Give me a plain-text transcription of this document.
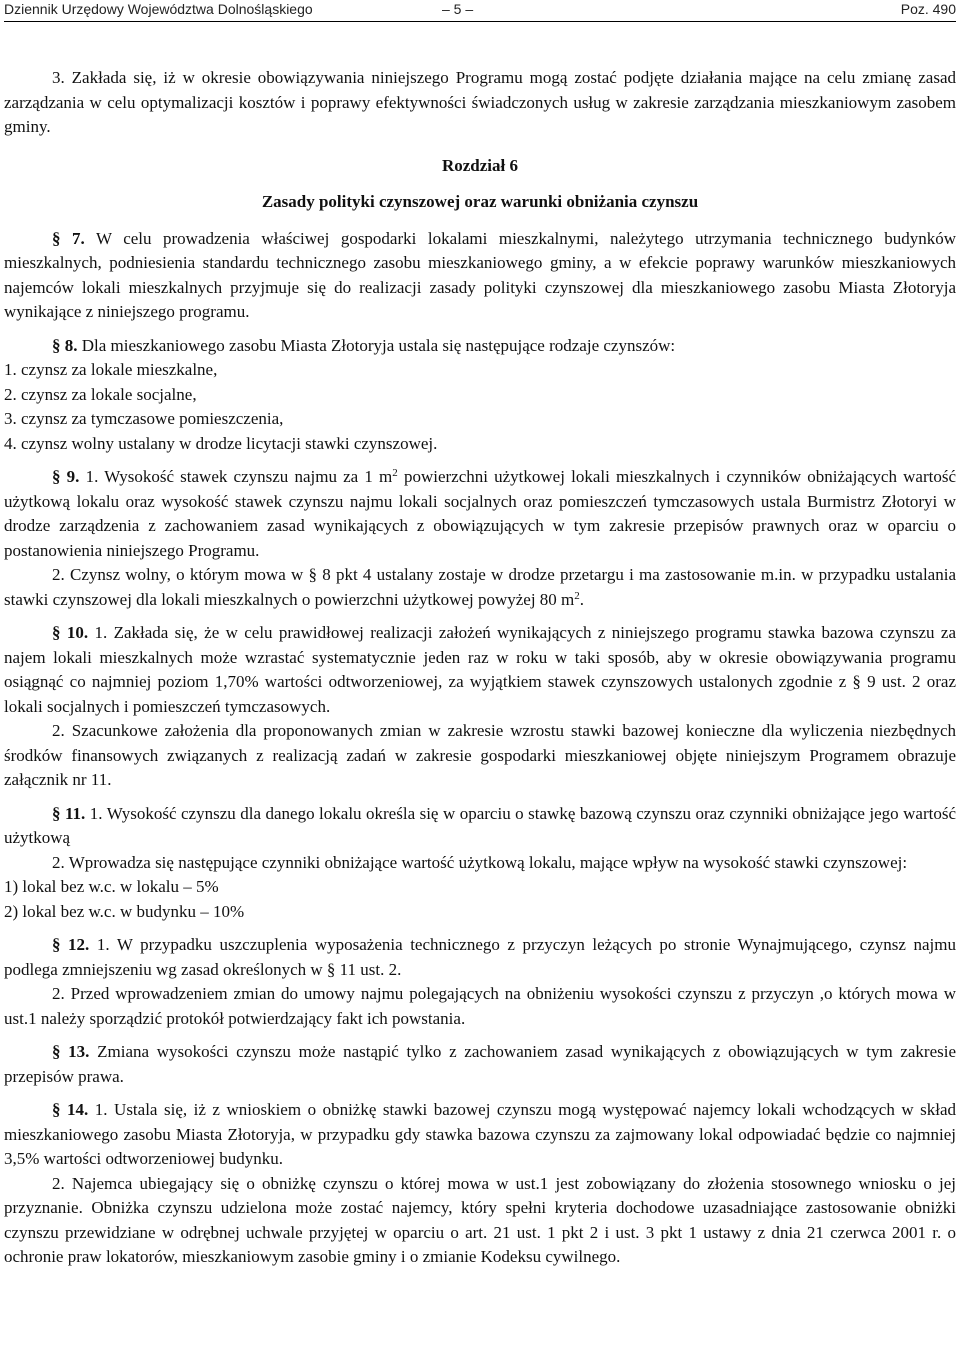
Dziennik Urzędowy Województwa Dolnośląskiego	– 5 –	Poz. 490

3. Zakłada się, iż w okresie obowiązywania niniejszego Programu mogą zostać podjęte działania mające na celu zmianę zasad zarządzania w celu optymalizacji kosztów i poprawy efektywności świadczonych usług w zakresie zarządzania mieszkaniowym zasobem gminy.

Rozdział 6

Zasady polityki czynszowej oraz warunki obniżania czynszu

§ 7. W celu prowadzenia właściwej gospodarki lokalami mieszkalnymi, należytego utrzymania technicznego budynków mieszkalnych, podniesienia standardu technicznego zasobu mieszkaniowego gminy, a w efekcie poprawy warunków mieszkaniowych najemców lokali mieszkalnych przyjmuje się do realizacji zasady polityki czynszowej dla mieszkaniowego zasobu Miasta Złotoryja wynikające z niniejszego programu.

§ 8. Dla mieszkaniowego zasobu Miasta Złotoryja ustala się następujące rodzaje czynszów:

1. czynsz za lokale mieszkalne,

2. czynsz za lokale socjalne,

3. czynsz za tymczasowe pomieszczenia,

4. czynsz wolny ustalany w drodze licytacji stawki czynszowej.

§ 9. 1. Wysokość stawek czynszu najmu za 1 $m^2$ powierzchni użytkowej lokali mieszkalnych i czynników obniżających wartość użytkową lokalu oraz wysokość stawek czynszu najmu lokali socjalnych oraz pomieszczeń tymczasowych ustala Burmistrz Złotoryi w drodze zarządzenia z zachowaniem zasad wynikających z obowiązujących w tym zakresie przepisów prawnych oraz w oparciu o postanowienia niniejszego Programu.

2. Czynsz wolny, o którym mowa w § 8 pkt 4 ustalany zostaje w drodze przetargu i ma zastosowanie m.in. w przypadku ustalania stawki czynszowej dla lokali mieszkalnych o powierzchni użytkowej powyżej 80 $m^2$.

§ 10. 1. Zakłada się, że w celu prawidłowej realizacji założeń wynikających z niniejszego programu stawka bazowa czynszu za najem lokali mieszkalnych może wzrastać systematycznie jeden raz w roku w taki sposób, aby w okresie obowiązywania programu osiągnąć co najmniej poziom 1,70% wartości odtworzeniowej, za wyjątkiem stawek czynszowych ustalonych zgodnie z § 9 ust. 2 oraz lokali socjalnych i pomieszczeń tymczasowych.

2. Szacunkowe założenia dla proponowanych zmian w zakresie wzrostu stawki bazowej konieczne dla wyliczenia niezbędnych środków finansowych związanych z realizacją zadań w zakresie gospodarki mieszkaniowej objęte niniejszym Programem obrazuje załącznik nr 11.

§ 11. 1. Wysokość czynszu dla danego lokalu określa się w oparciu o stawkę bazową czynszu oraz czynniki obniżające jego wartość użytkową

2. Wprowadza się następujące czynniki obniżające wartość użytkową lokalu, mające wpływ na wysokość stawki czynszowej:

1) lokal bez w.c. w lokalu – 5%

2) lokal bez w.c. w budynku – 10%

§ 12. 1. W przypadku uszczuplenia wyposażenia technicznego z przyczyn leżących po stronie Wynajmującego, czynsz najmu podlega zmniejszeniu wg zasad określonych w § 11 ust. 2.

2. Przed wprowadzeniem zmian do umowy najmu polegających na obniżeniu wysokości czynszu z przyczyn ,o których mowa w ust.1 należy sporządzić protokół potwierdzający fakt ich powstania.

§ 13. Zmiana wysokości czynszu może nastąpić tylko z zachowaniem zasad wynikających z obowiązujących w tym zakresie przepisów prawa.

§ 14. 1. Ustala się, iż z wnioskiem o obniżkę stawki bazowej czynszu mogą występować najemcy lokali wchodzących w skład mieszkaniowego zasobu Miasta Złotoryja, w przypadku gdy stawka bazowa czynszu za zajmowany lokal odpowiadać będzie co najmniej 3,5% wartości odtworzeniowej budynku.

2. Najemca ubiegający się o obniżkę czynszu o której mowa w ust.1 jest zobowiązany do złożenia stosownego wniosku o jej przyznanie. Obniżka czynszu udzielona może zostać najemcy, który spełni kryteria dochodowe uzasadniające zastosowanie obniżki czynszu przewidziane w odrębnej uchwale przyjętej w oparciu o art. 21 ust. 1 pkt 2 i ust. 3 pkt 1 ustawy z dnia 21 czerwca 2001 r. o ochronie praw lokatorów, mieszkaniowym zasobie gminy i o zmianie Kodeksu cywilnego.
